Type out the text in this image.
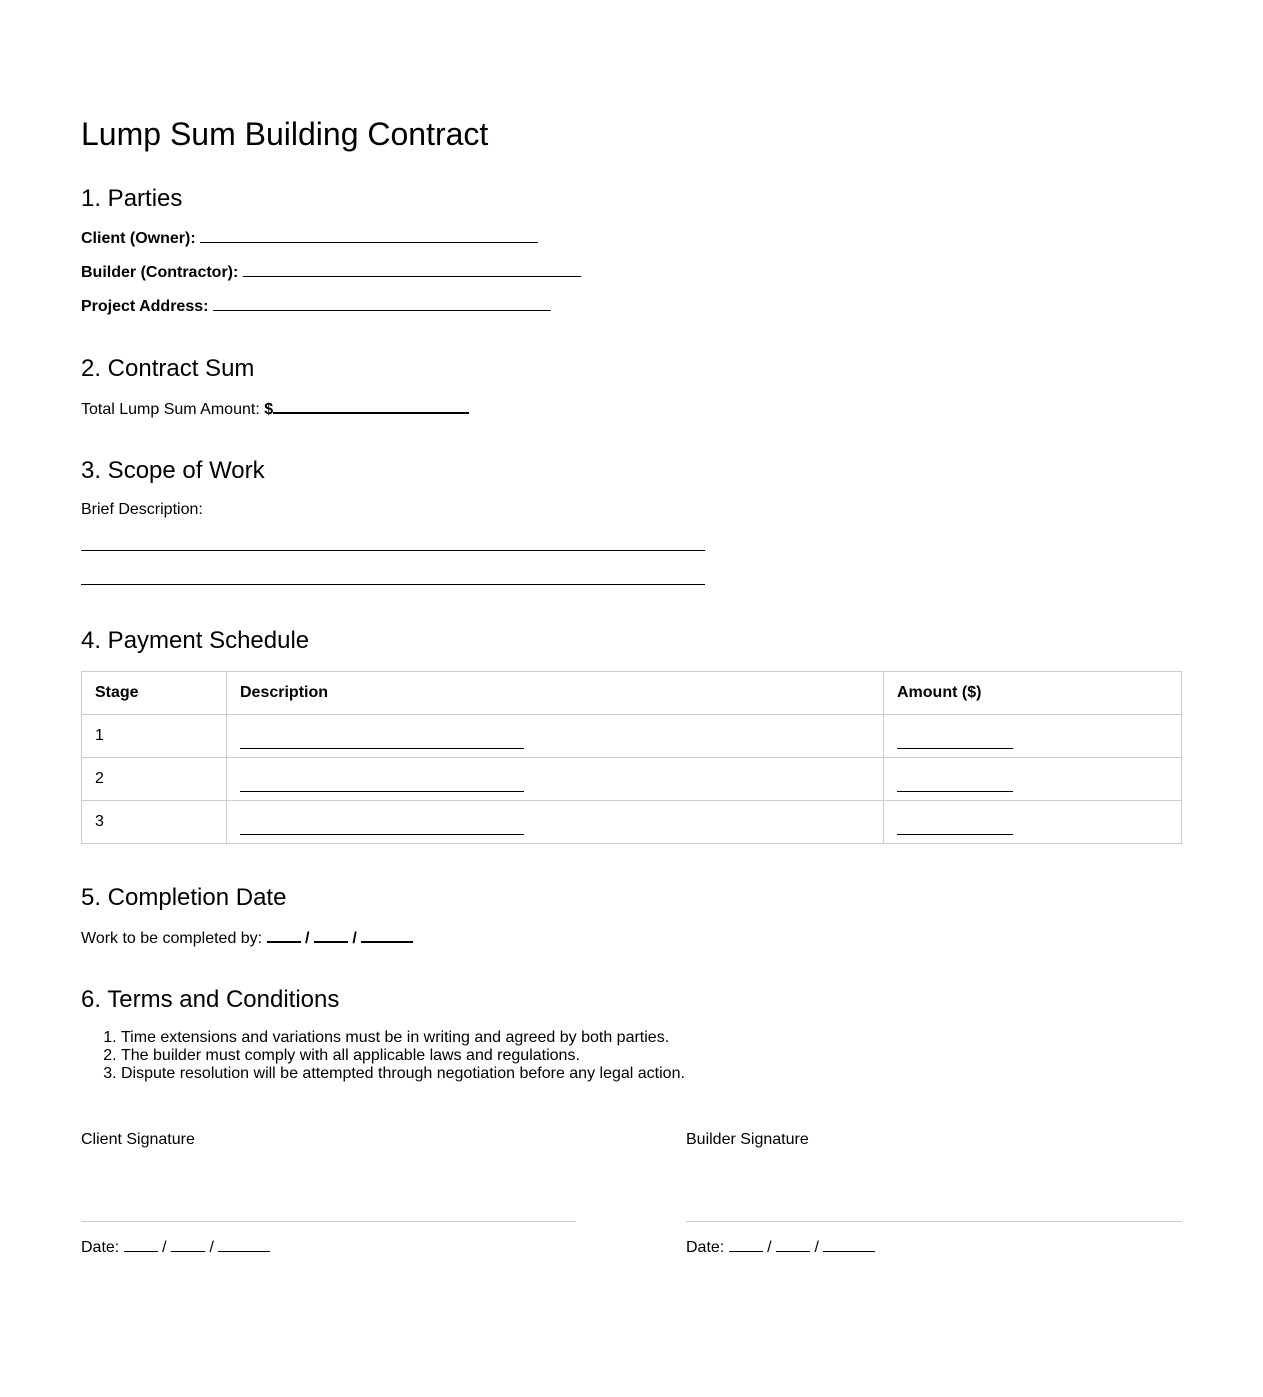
Lump Sum Building Contract
1. Parties
Client (Owner):
Builder (Contractor):
Project Address:
2. Contract Sum
Total Lump Sum Amount: $
3. Scope of Work
Brief Description:
4. Payment Schedule
Stage	Description	Amount ($)
1		
2		
3		
5. Completion Date
Work to be completed by:	/	/
6. Terms and Conditions
1. Time extensions and variations must be in writing and agreed by both parties.
2. The builder must comply with all applicable laws and regulations.
3. Dispute resolution will be attempted through negotiation before any legal action.
Client Signature
Date:	/	/
Builder Signature
Date:	/	/
